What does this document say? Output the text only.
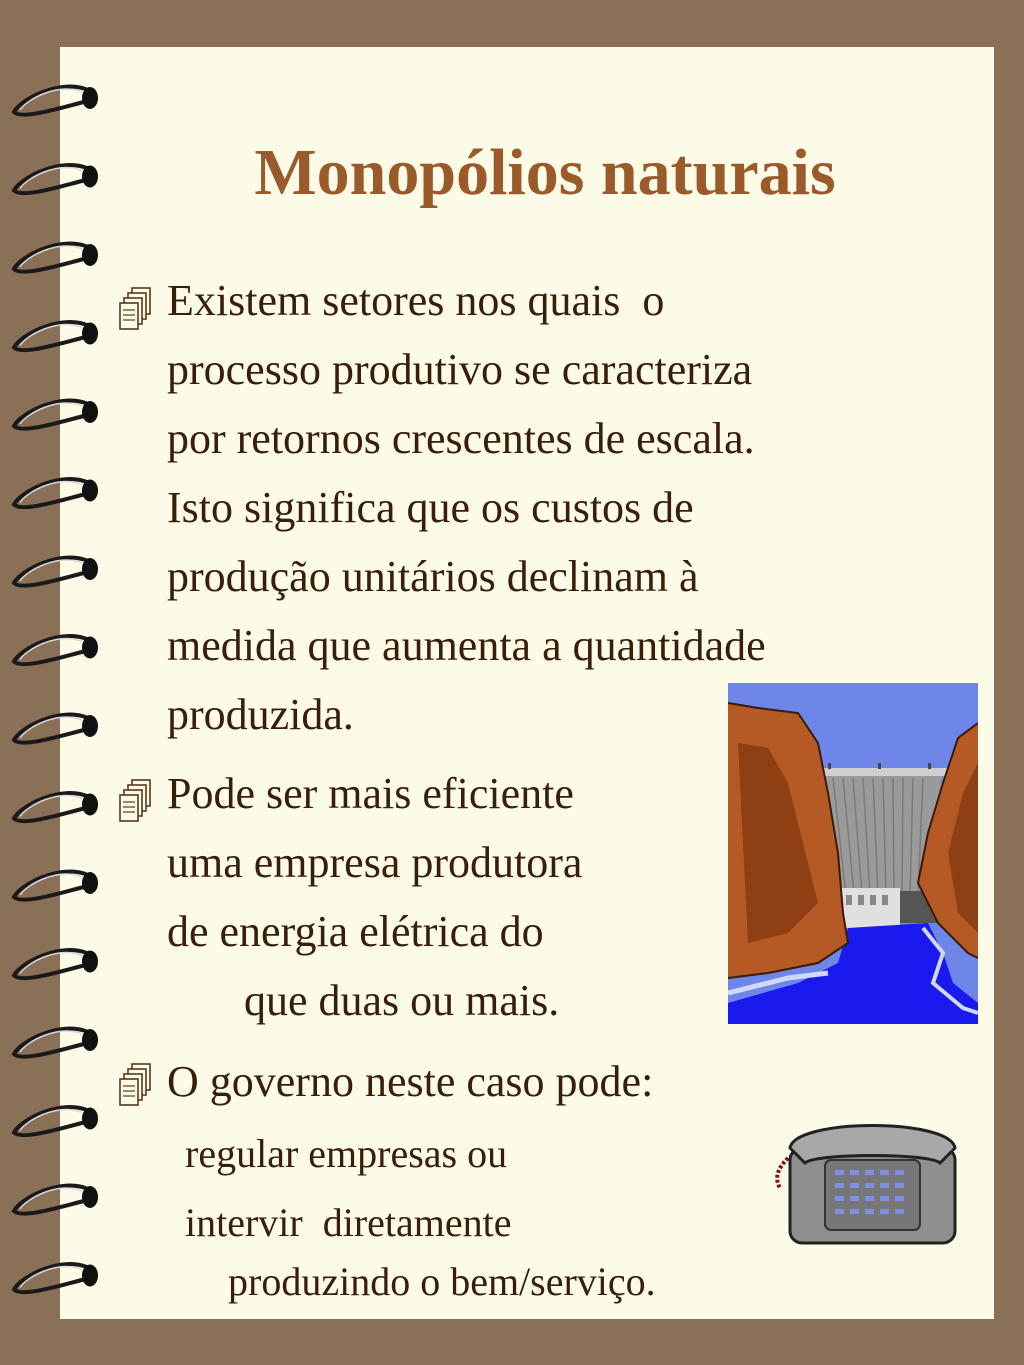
Monopólios naturais
Existem setores nos quais  o
processo produtivo se caracteriza
por retornos crescentes de escala.
Isto significa que os custos de
produção unitários declinam à
medida que aumenta a quantidade
produzida.
Pode ser mais eficiente
uma empresa produtora
de energia elétrica do
que duas ou mais.
O governo neste caso pode:
regular empresas ou
intervir  diretamente
produzindo o bem/serviço.
